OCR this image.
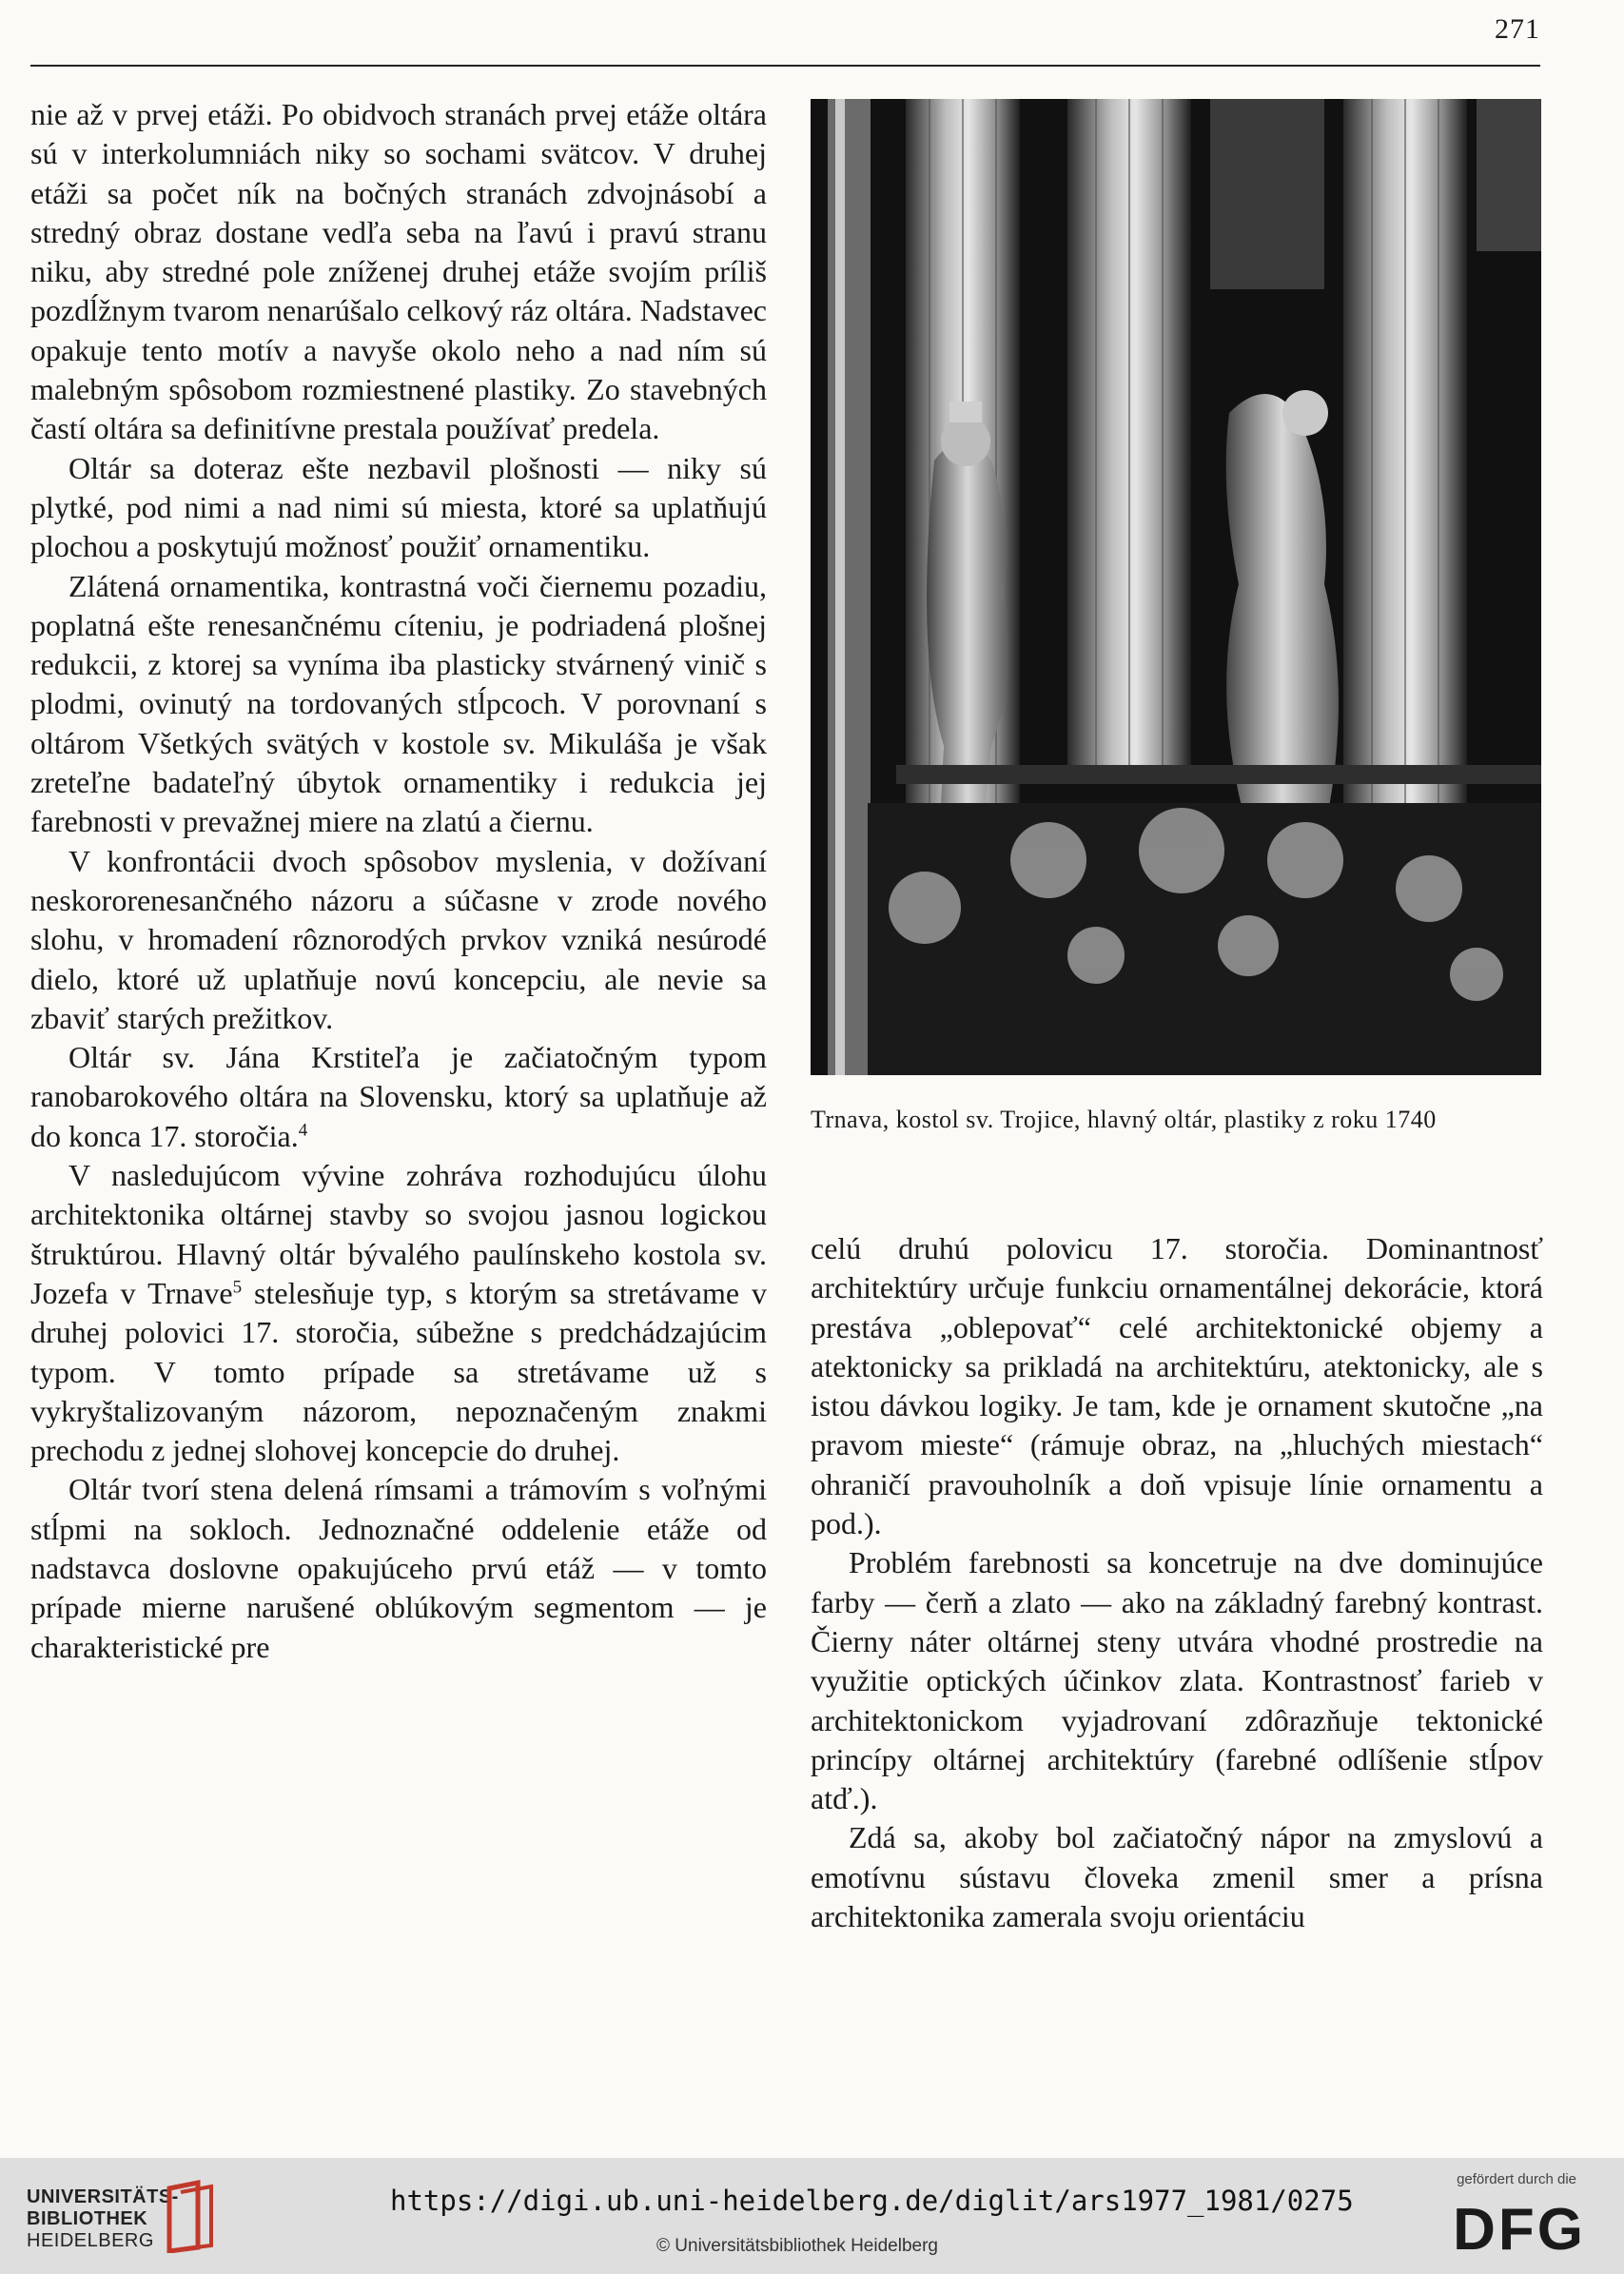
271

nie až v prvej etáži. Po obidvoch stranách prvej etáže oltára sú v interkolumniách niky so sochami svätcov. V druhej etáži sa počet ník na bočných stranách zdvojnásobí a stredný obraz dostane vedľa seba na ľavú i pravú stranu niku, aby stredné pole zníženej druhej etáže svojím príliš pozdĺžnym tvarom nenarúšalo celkový ráz oltára. Nadstavec opakuje tento motív a navyše okolo neho a nad ním sú malebným spôsobom rozmiestnené plastiky. Zo stavebných častí oltára sa definitívne prestala používať predela.

Oltár sa doteraz ešte nezbavil plošnosti — niky sú plytké, pod nimi a nad nimi sú miesta, ktoré sa uplatňujú plochou a poskytujú možnosť použiť ornamentiku.

Zlátená ornamentika, kontrastná voči čiernemu pozadiu, poplatná ešte renesančnému cíteniu, je podriadená plošnej redukcii, z ktorej sa vyníma iba plasticky stvárnený vinič s plodmi, ovinutý na tordovaných stĺpcoch. V porovnaní s oltárom Všetkých svätých v kostole sv. Mikuláša je však zreteľne badateľný úbytok ornamentiky i redukcia jej farebnosti v prevažnej miere na zlatú a čiernu.

V konfrontácii dvoch spôsobov myslenia, v dožívaní neskororenesančného názoru a súčasne v zrode nového slohu, v hromadení rôznorodých prvkov vzniká nesúrodé dielo, ktoré už uplatňuje novú koncepciu, ale nevie sa zbaviť starých prežitkov.

Oltár sv. Jána Krstiteľa je začiatočným typom ranobarokového oltára na Slovensku, ktorý sa uplatňuje až do konca 17. storočia.$^4$

V nasledujúcom vývine zohráva rozhodujúcu úlohu architektonika oltárnej stavby so svojou jasnou logickou štruktúrou. Hlavný oltár bývalého paulínskeho kostola sv. Jozefa v Trnave$^5$ stelesňuje typ, s ktorým sa stretávame v druhej polovici 17. storočia, súbežne s predchádzajúcim typom. V tomto prípade sa stretávame už s vykryštalizovaným názorom, nepoznačeným znakmi prechodu z jednej slohovej koncepcie do druhej.

Oltár tvorí stena delená rímsami a trámovím s voľnými stĺpmi na sokloch. Jednoznačné oddelenie etáže od nadstavca doslovne opakujúceho prvú etáž — v tomto prípade mierne narušené oblúkovým segmentom — je charakteristické pre

Trnava, kostol sv. Trojice, hlavný oltár, plastiky z roku 1740

celú druhú polovicu 17. storočia. Dominantnosť architektúry určuje funkciu ornamentálnej dekorácie, ktorá prestáva „oblepovať“ celé architektonické objemy a atektonicky sa prikladá na architektúru, atektonicky, ale s istou dávkou logiky. Je tam, kde je ornament skutočne „na pravom mieste“ (rámuje obraz, na „hluchých miestach“ ohraničí pravouholník a doň vpisuje línie ornamentu a pod.).

Problém farebnosti sa koncetruje na dve dominujúce farby — čerň a zlato — ako na základný farebný kontrast. Čierny náter oltárnej steny utvára vhodné prostredie na využitie optických účinkov zlata. Kontrastnosť farieb v architektonickom vyjadrovaní zdôrazňuje tektonické princípy oltárnej architektúry (farebné odlíšenie stĺpov atď.).

Zdá sa, akoby bol začiatočný nápor na zmyslovú a emotívnu sústavu človeka zmenil smer a prísna architektonika zamerala svoju orientáciu

UNIVERSITÄTS-
BIBLIOTHEK
HEIDELBERG
https://digi.ub.uni-heidelberg.de/diglit/ars1977_1981/0275
© Universitätsbibliothek Heidelberg
gefördert durch die
DFG
